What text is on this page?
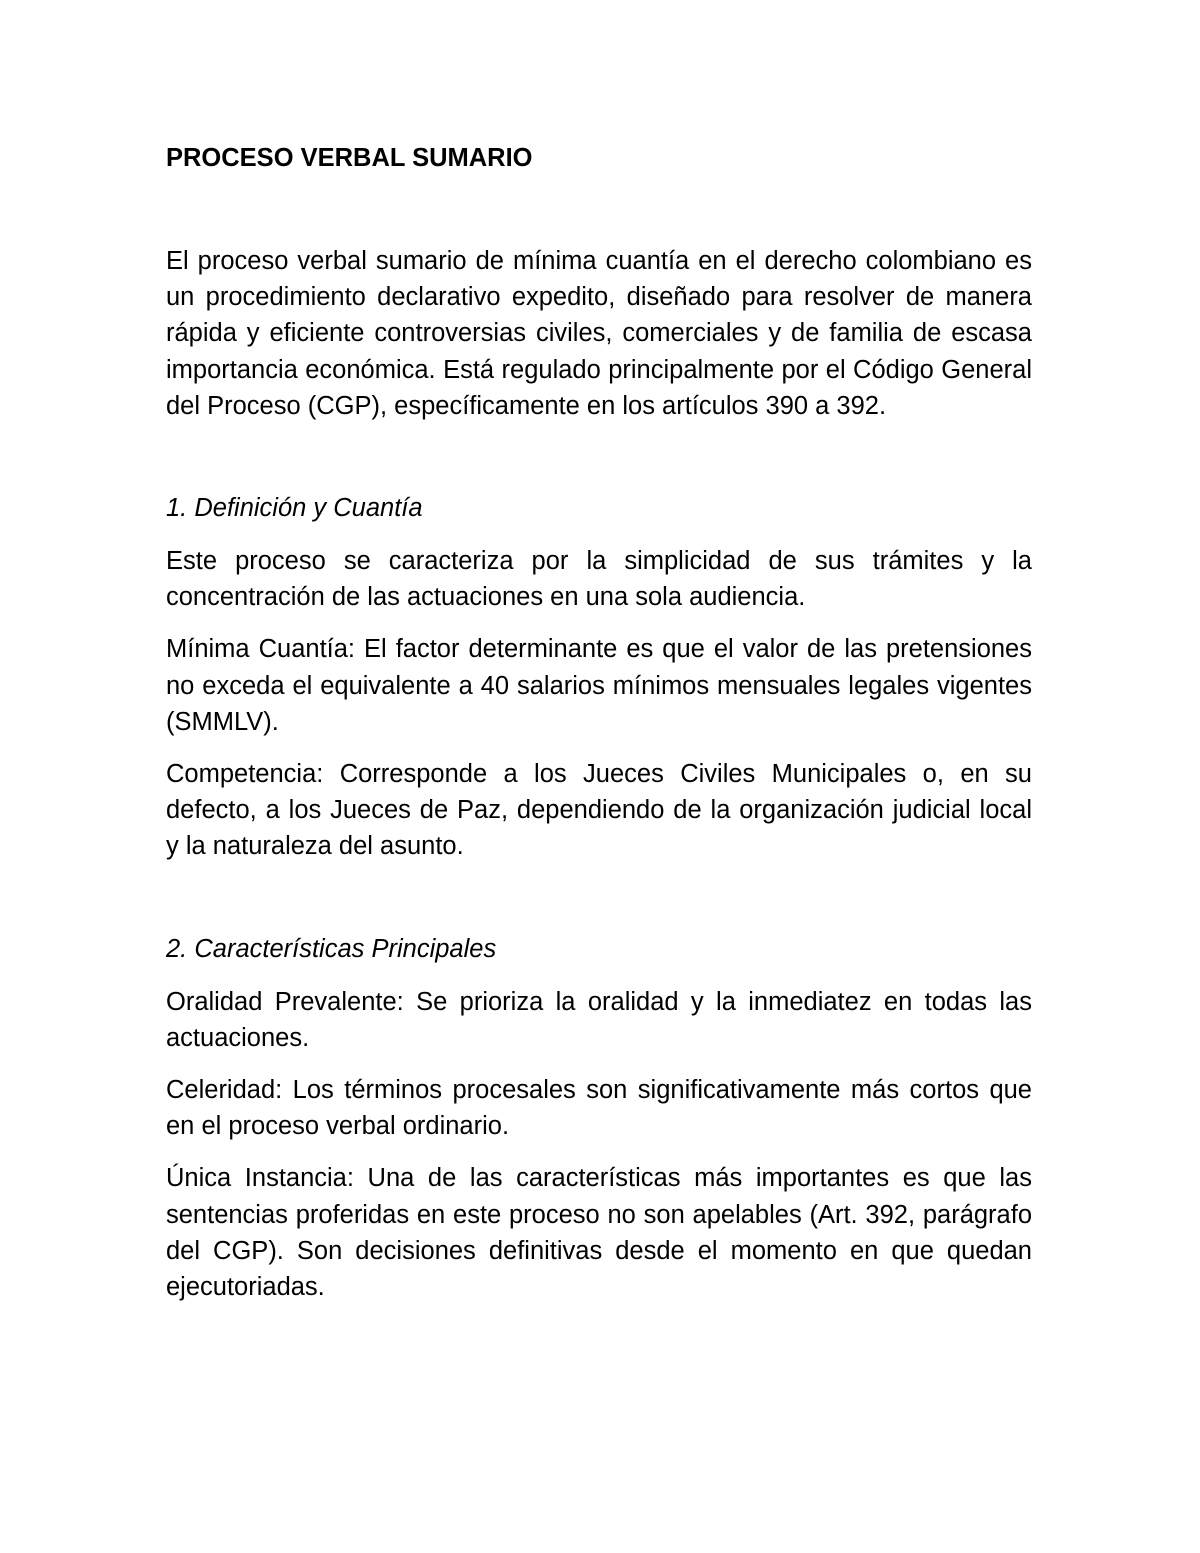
PROCESO VERBAL SUMARIO

El proceso verbal sumario de mínima cuantía en el derecho colombiano es un procedimiento declarativo expedito, diseñado para resolver de manera rápida y eficiente controversias civiles, comerciales y de familia de escasa importancia económica. Está regulado principalmente por el Código General del Proceso (CGP), específicamente en los artículos 390 a 392.

1. Definición y Cuantía

Este proceso se caracteriza por la simplicidad de sus trámites y la concentración de las actuaciones en una sola audiencia.

Mínima Cuantía: El factor determinante es que el valor de las pretensiones no exceda el equivalente a 40 salarios mínimos mensuales legales vigentes (SMMLV).

Competencia: Corresponde a los Jueces Civiles Municipales o, en su defecto, a los Jueces de Paz, dependiendo de la organización judicial local y la naturaleza del asunto.

2. Características Principales

Oralidad Prevalente: Se prioriza la oralidad y la inmediatez en todas las actuaciones.

Celeridad: Los términos procesales son significativamente más cortos que en el proceso verbal ordinario.

Única Instancia: Una de las características más importantes es que las sentencias proferidas en este proceso no son apelables (Art. 392, parágrafo del CGP). Son decisiones definitivas desde el momento en que quedan ejecutoriadas.
